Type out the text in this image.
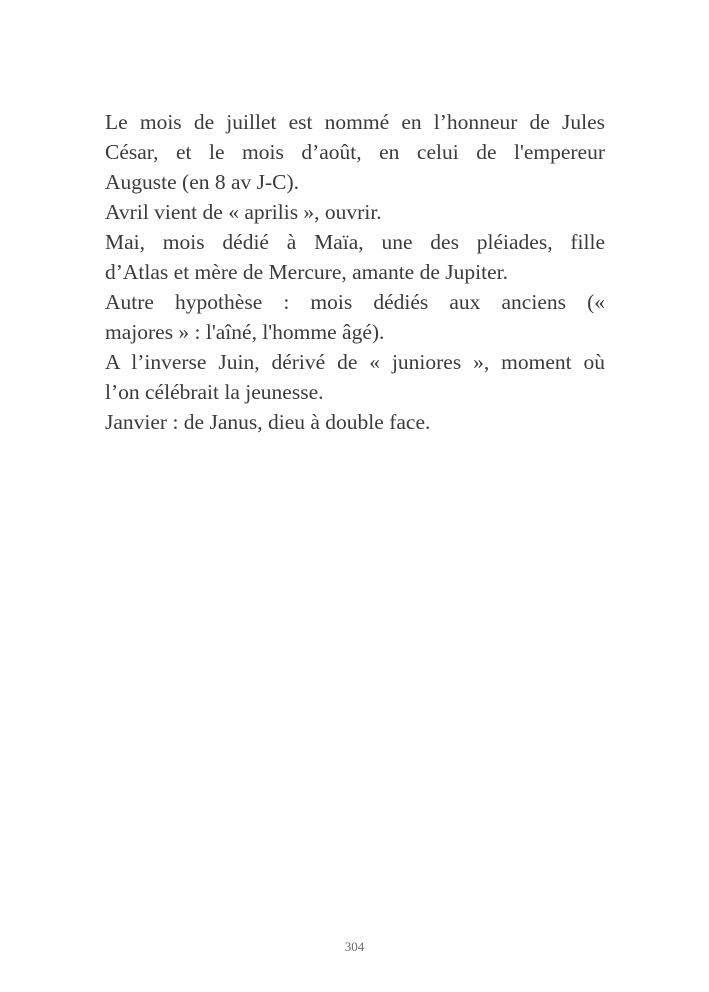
Le mois de juillet est nommé en l’honneur de Jules
César, et le mois d’août, en celui de l'empereur
Auguste (en 8 av J-C).

Avril vient de « aprilis », ouvrir.

Mai, mois dédié à Maïa, une des pléiades, fille
d’Atlas et mère de Mercure, amante de Jupiter.

Autre hypothèse : mois dédiés aux anciens («
majores » : l'aîné, l'homme âgé).

A l’inverse Juin, dérivé de « juniores », moment où
l’on célébrait la jeunesse.

Janvier : de Janus, dieu à double face.

304
